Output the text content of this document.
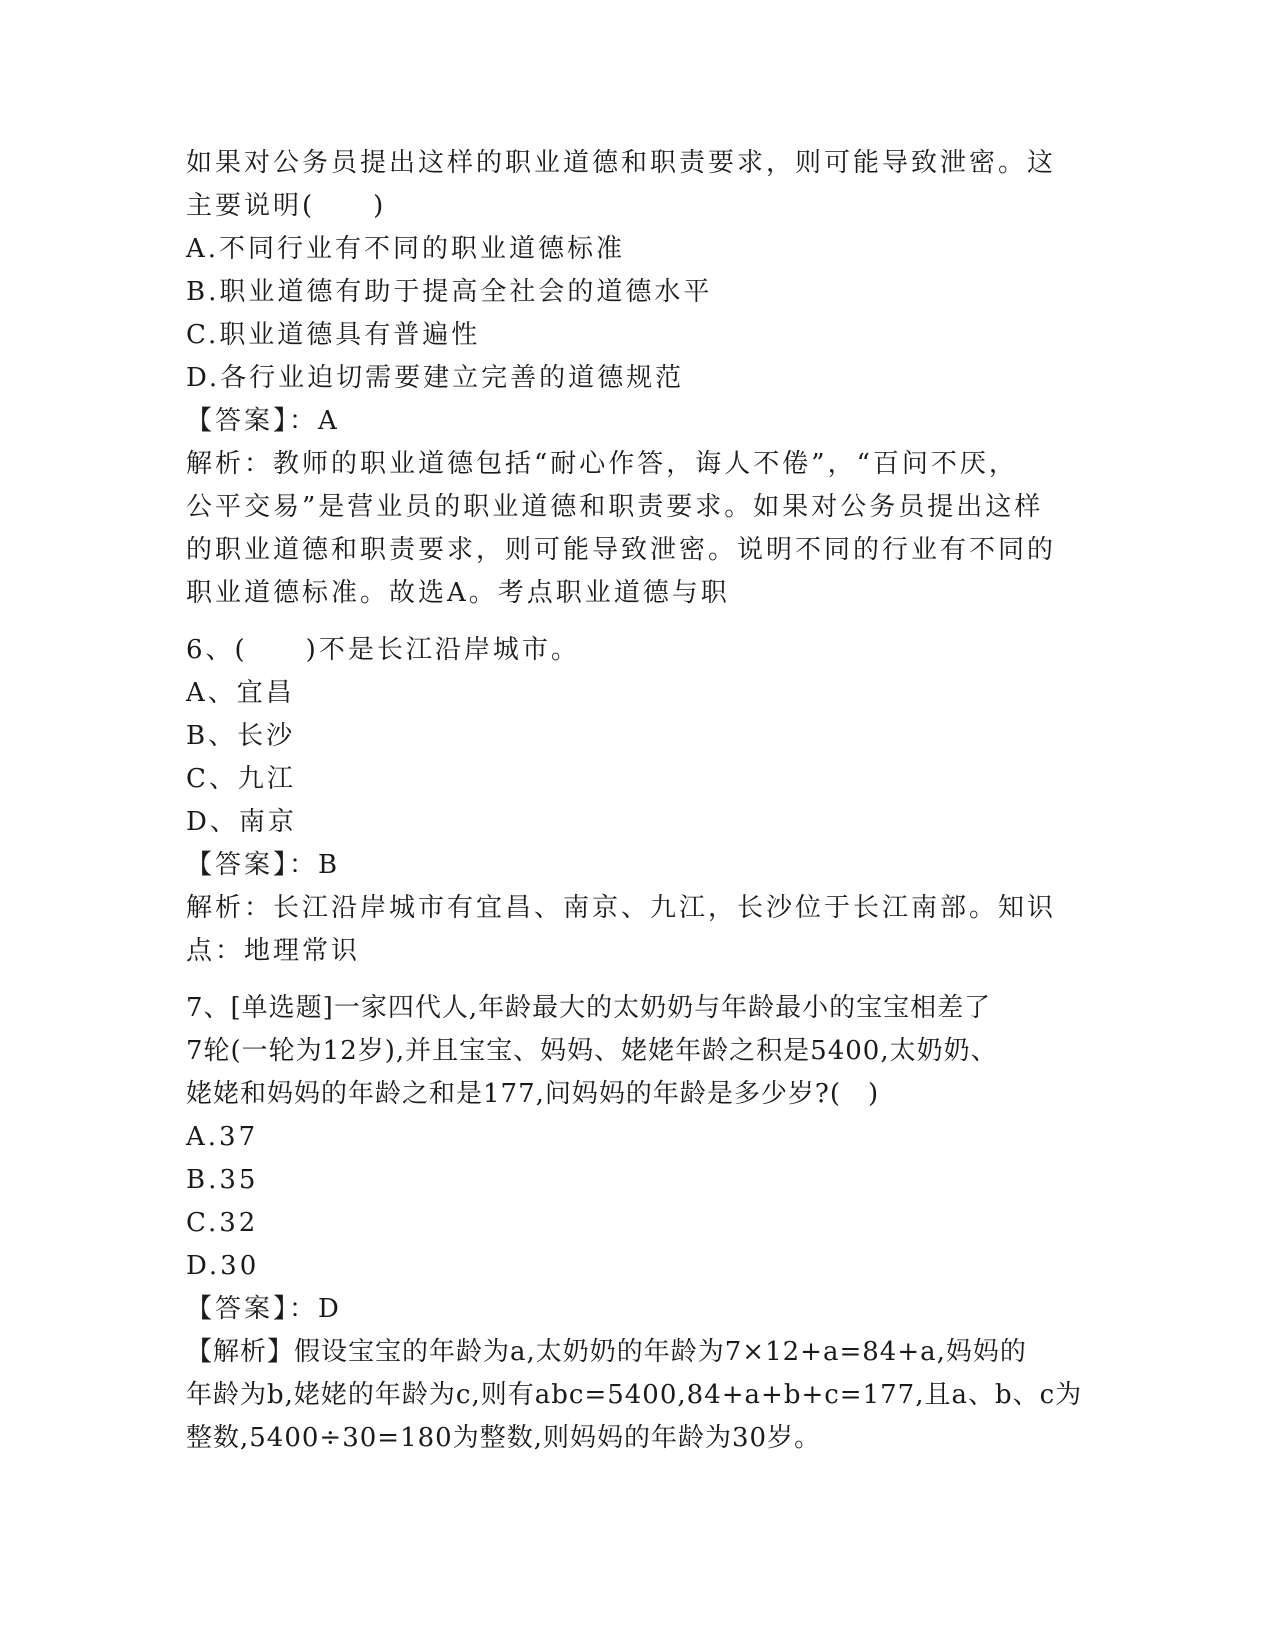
如果对公务员提出这样的职业道德和职责要求，则可能导致泄密。这
主要说明(　　)
A.不同行业有不同的职业道德标准
B.职业道德有助于提高全社会的道德水平
C.职业道德具有普遍性
D.各行业迫切需要建立完善的道德规范
【答案】：A
解析：教师的职业道德包括“耐心作答，诲人不倦”，“百问不厌，
公平交易”是营业员的职业道德和职责要求。如果对公务员提出这样
的职业道德和职责要求，则可能导致泄密。说明不同的行业有不同的
职业道德标准。故选A。考点职业道德与职
6、(　　)不是长江沿岸城市。
A、宜昌
B、长沙
C、九江
D、南京
【答案】：B
解析：长江沿岸城市有宜昌、南京、九江，长沙位于长江南部。知识
点：地理常识
7、[单选题]一家四代人,年龄最大的太奶奶与年龄最小的宝宝相差了
7轮(一轮为12岁),并且宝宝、妈妈、姥姥年龄之积是5400,太奶奶、
姥姥和妈妈的年龄之和是177,问妈妈的年龄是多少岁?(　)
A.37
B.35
C.32
D.30
【答案】：D
【解析】假设宝宝的年龄为a,太奶奶的年龄为7×12+a=84+a,妈妈的
年龄为b,姥姥的年龄为c,则有abc=5400,84+a+b+c=177,且a、b、c为
整数,5400÷30=180为整数,则妈妈的年龄为30岁。
